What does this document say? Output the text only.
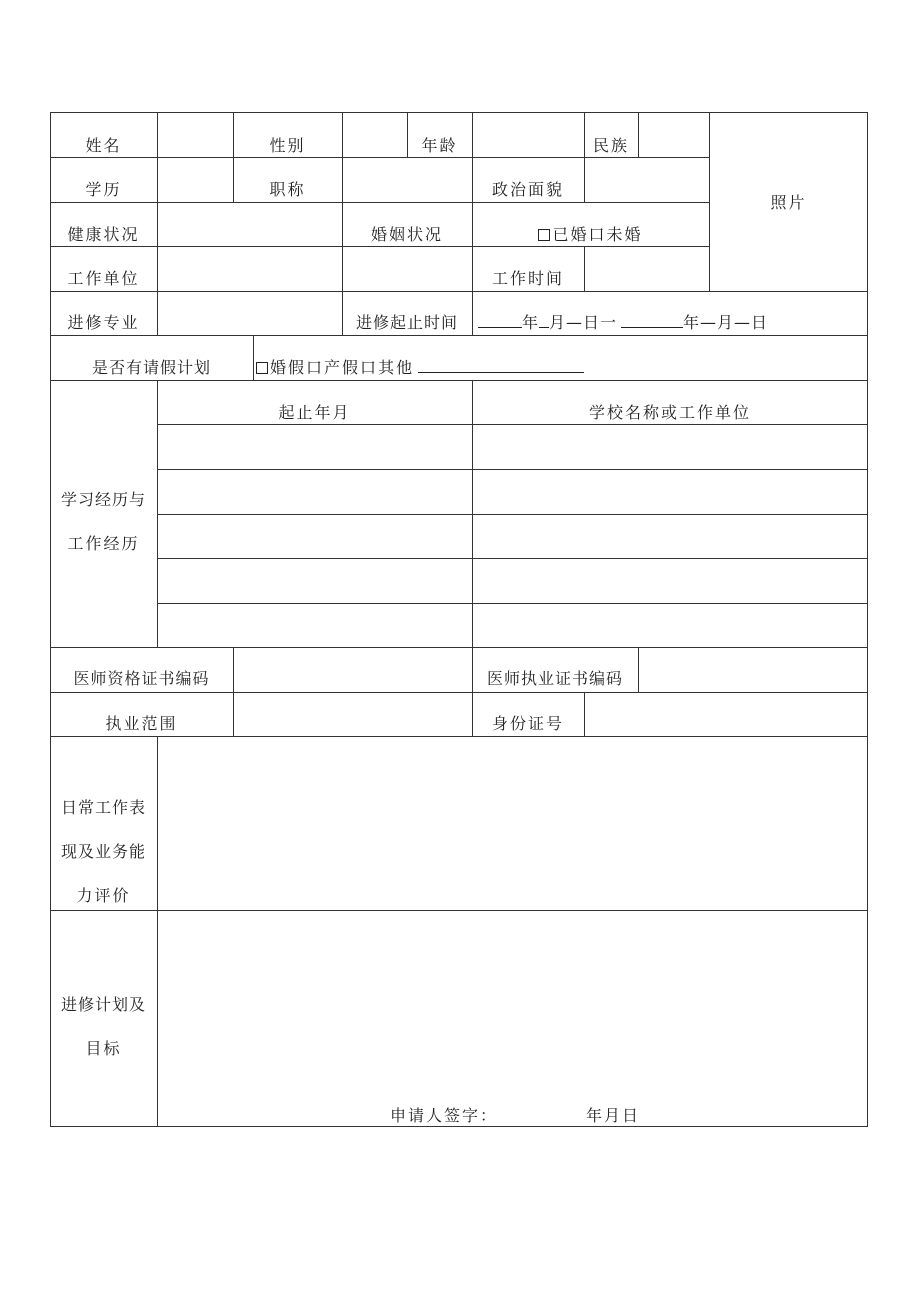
姓名	性别	年龄	民族
照片
学历	职称	政治面貌
健康状况	婚姻状况	已婚口未婚
工作单位	工作时间
进修专业	进修起止时间	年 月—日一	年—月—日
是否有请假计划	婚假口产假口其他
学习经历与
工作经历
起止年月	学校名称或工作单位
医师资格证书编码	医师执业证书编码
执业范围	身份证号
日常工作表
现及业务能
力评价
进修计划及
目标
申请人签字：	年月日
